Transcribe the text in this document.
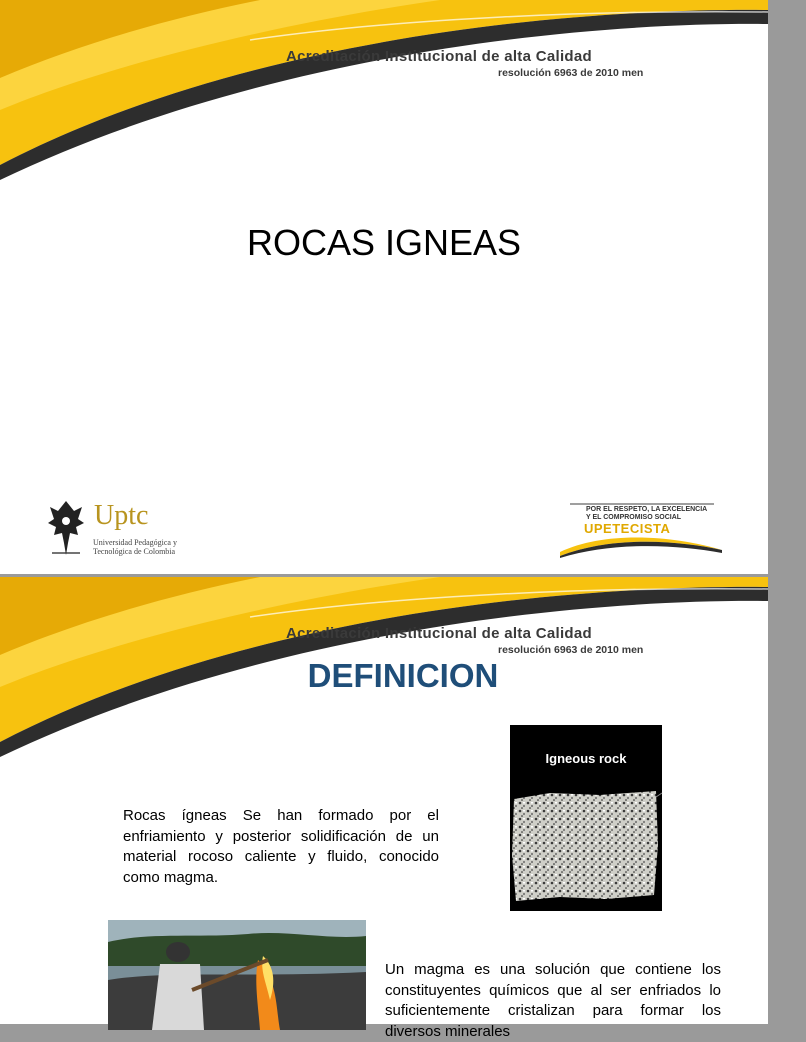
Acreditación Institucional de alta Calidad
resolución 6963 de 2010 men
ROCAS IGNEAS
Uptc
Universidad Pedagógica y
Tecnológica de Colombia
POR EL RESPETO, LA EXCELENCIA
Y EL COMPROMISO SOCIAL
UPETECISTA
Acreditación Institucional de alta Calidad
resolución 6963 de 2010 men
DEFINICION
Igneous rock
Rocas ígneas Se han formado por el enfriamiento y posterior solidificación de un material rocoso caliente y fluido, conocido como magma.
Un magma es una solución que contiene los constituyentes químicos que al ser enfriados lo suficientemente cristalizan para formar los diversos minerales
